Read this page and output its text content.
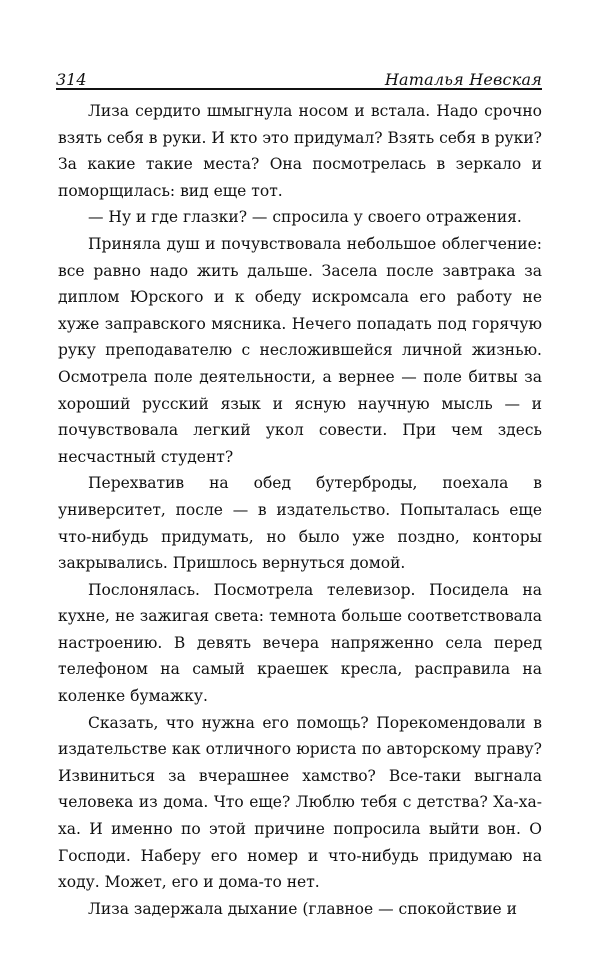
314	Наталья Невская

Лиза сердито шмыгнула носом и встала. Надо срочно взять себя в руки. И кто это придумал? Взять себя в руки? За какие такие места? Она посмотрелась в зеркало и поморщилась: вид еще тот.

— Ну и где глазки? — спросила у своего отражения.

Приняла душ и почувствовала небольшое облегчение: все равно надо жить дальше. Засела после завтрака за диплом Юрского и к обеду искромсала его работу не хуже заправского мясника. Нечего попадать под горячую руку преподавателю с несложившейся личной жизнью. Осмотрела поле деятельности, а вернее — поле битвы за хороший русский язык и ясную научную мысль — и почувствовала легкий укол совести. При чем здесь несчастный студент?

Перехватив на обед бутерброды, поехала в университет, после — в издательство. Попыталась еще что-нибудь придумать, но было уже поздно, конторы закрывались. Пришлось вернуться домой.

Послонялась. Посмотрела телевизор. Посидела на кухне, не зажигая света: темнота больше соответствовала настроению. В девять вечера напряженно села перед телефоном на самый краешек кресла, расправила на коленке бумажку.

Сказать, что нужна его помощь? Порекомендовали в издательстве как отличного юриста по авторскому праву? Извиниться за вчерашнее хамство? Все-таки выгнала человека из дома. Что еще? Люблю тебя с детства? Ха-ха-ха. И именно по этой причине попросила выйти вон. О Господи. Наберу его номер и что-нибудь придумаю на ходу. Может, его и дома-то нет.

Лиза задержала дыхание (главное — спокойствие и
